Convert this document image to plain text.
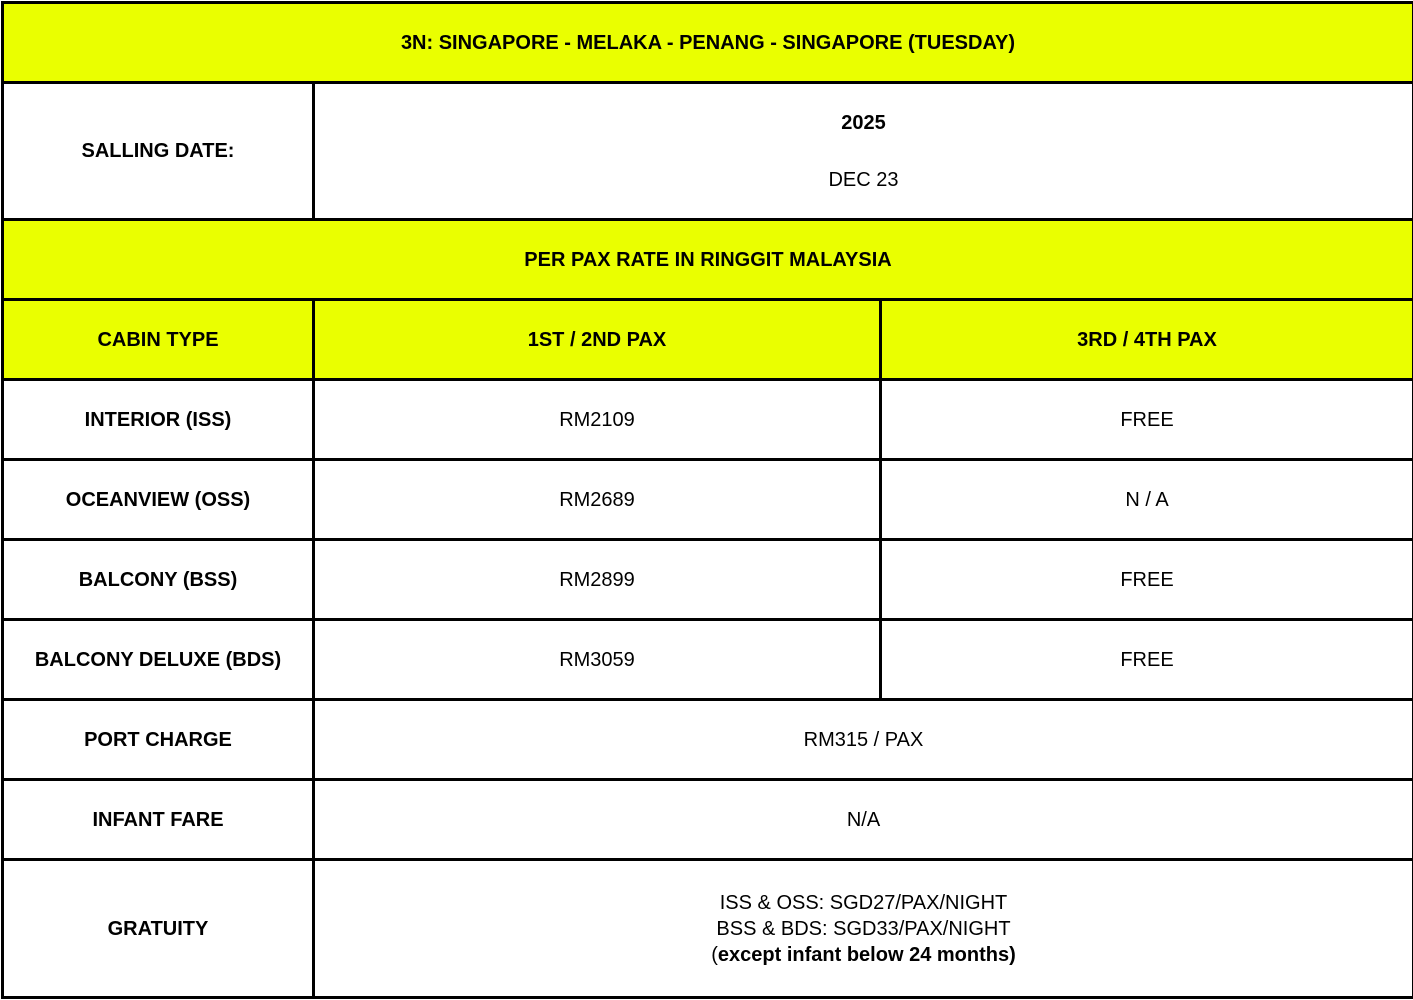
3N: SINGAPORE - MELAKA - PENANG - SINGAPORE (TUESDAY)		
SALLING DATE:	2025
DEC 23	
PER PAX RATE IN RINGGIT MALAYSIA		
CABIN TYPE	1ST / 2ND PAX	3RD / 4TH PAX
INTERIOR (ISS)	RM2109	FREE
OCEANVIEW (OSS)	RM2689	N / A
BALCONY (BSS)	RM2899	FREE
BALCONY DELUXE (BDS)	RM3059	FREE
PORT CHARGE	RM315 / PAX	
INFANT FARE	N/A	
GRATUITY	ISS & OSS: SGD27/PAX/NIGHT
BSS & BDS: SGD33/PAX/NIGHT
(except infant below 24 months)	
